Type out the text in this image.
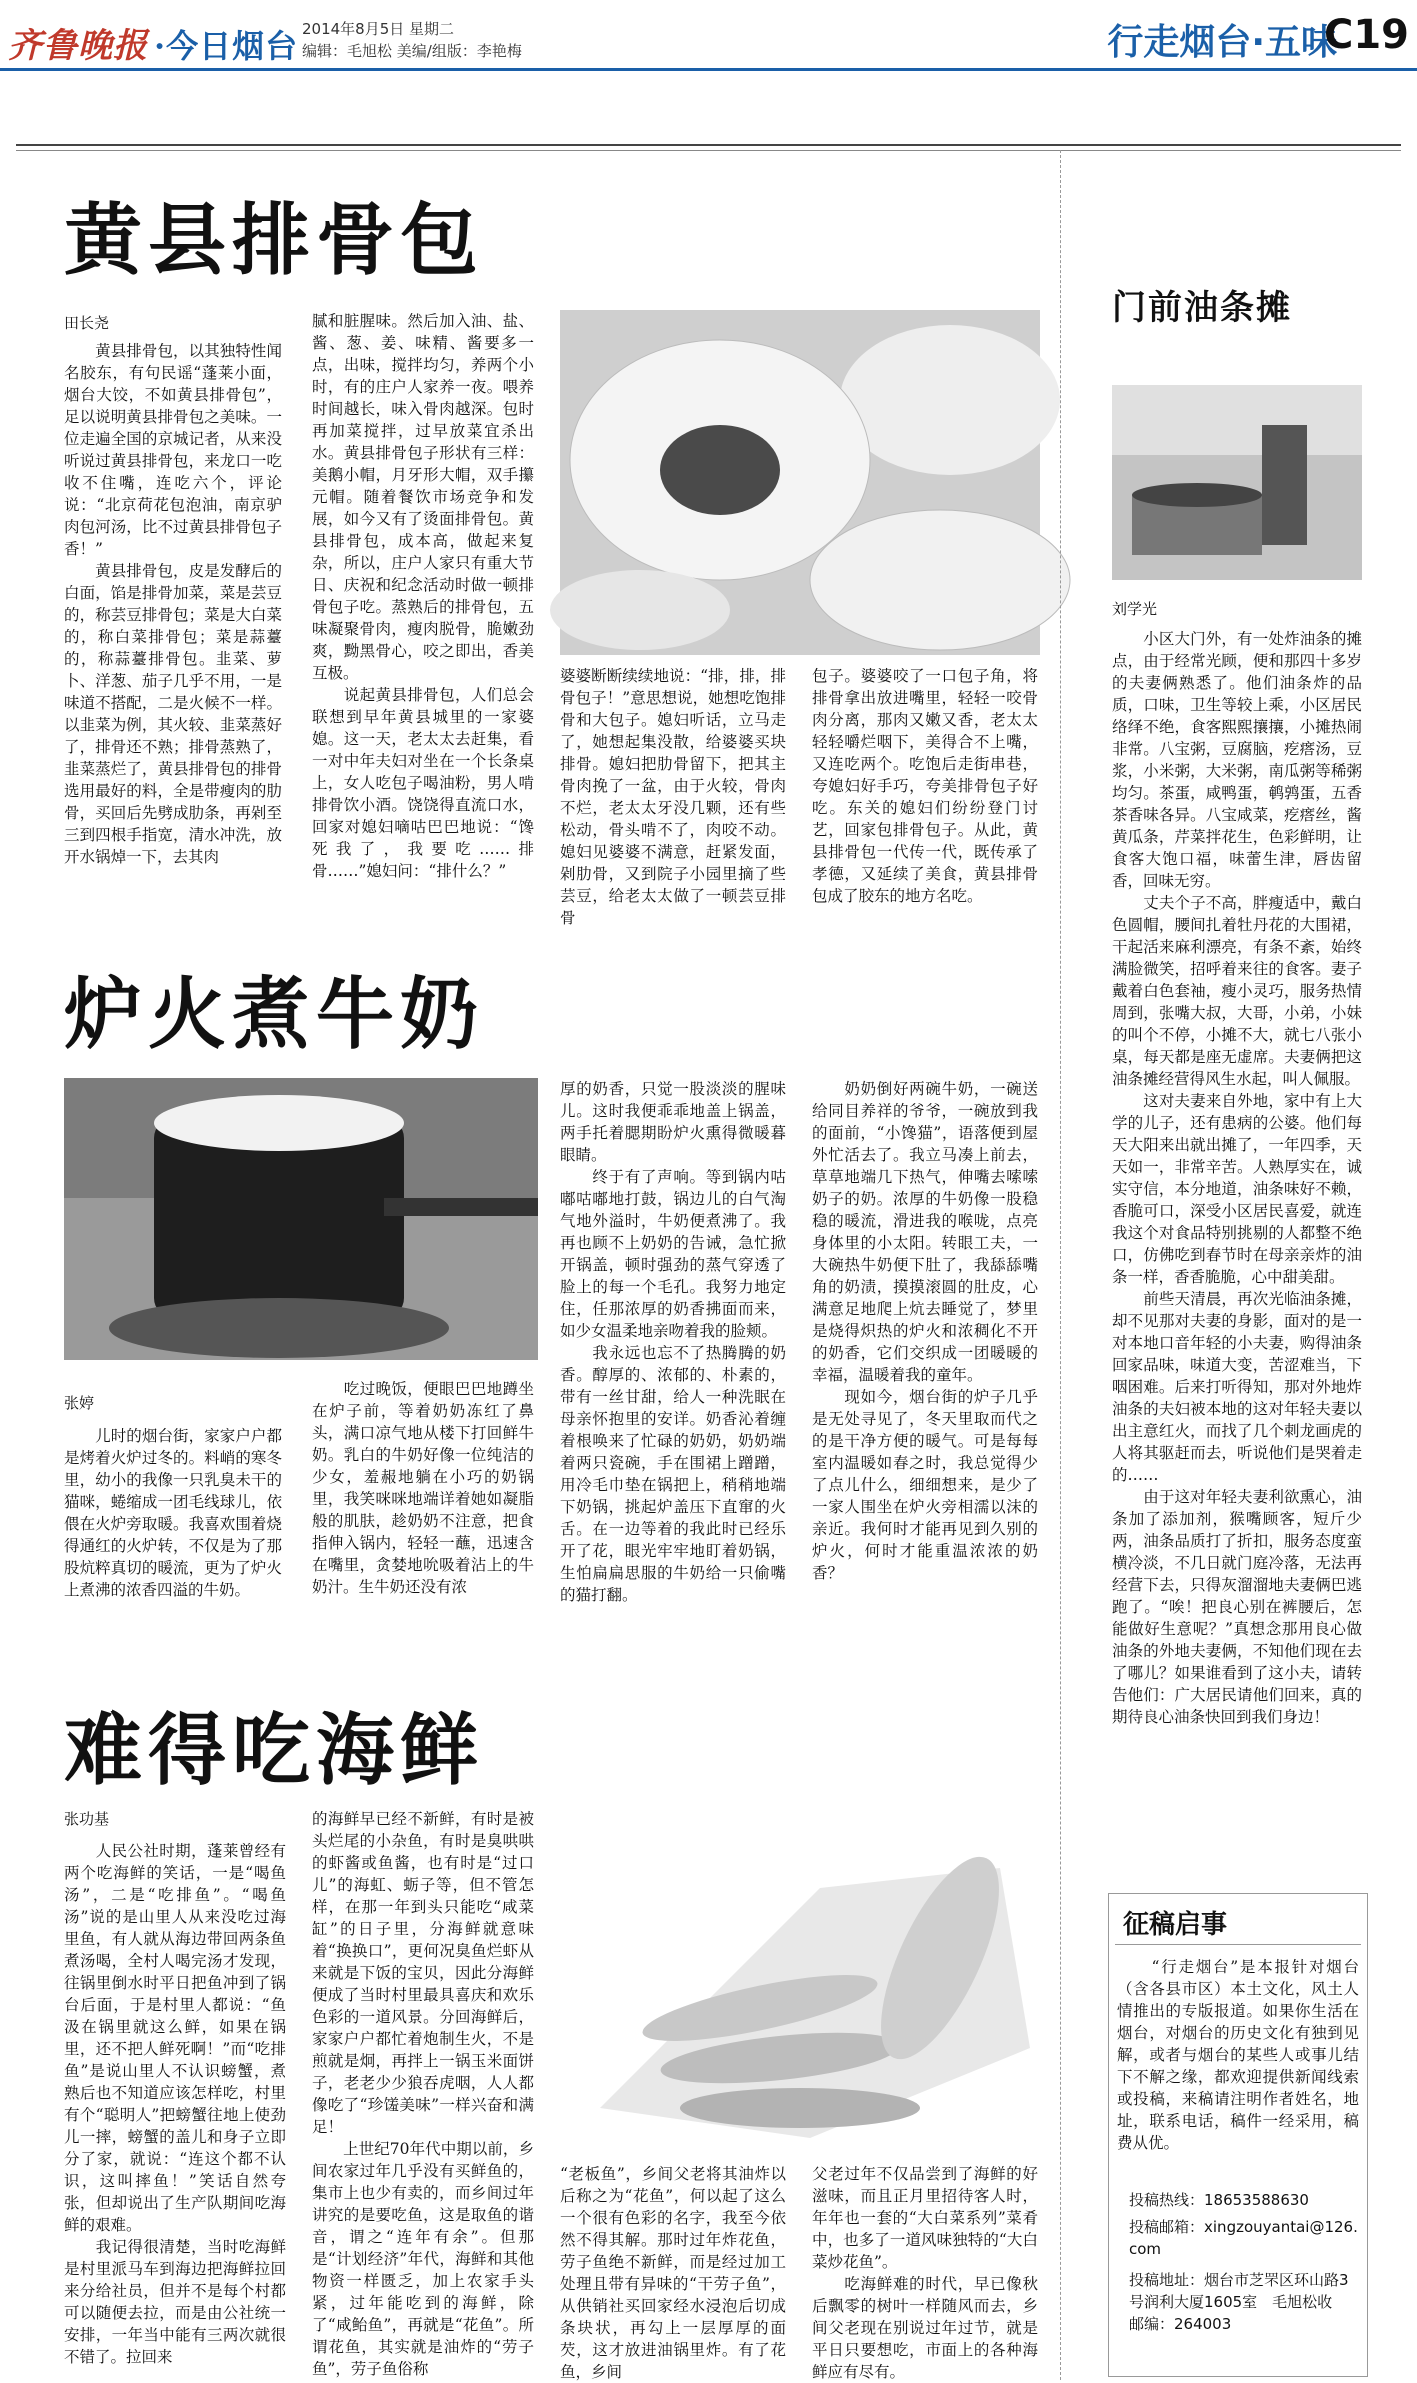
齐鲁晚报 ·今日烟台 2014年8月5日 星期二
编辑：毛旭松 美编/组版：李艳梅	行走烟台·五味
C19
黄县排骨包
田长尧
　　黄县排骨包，以其独特性闻名胶东，有句民谣“蓬莱小面，烟台大饺，不如黄县排骨包”，足以说明黄县排骨包之美味。一位走遍全国的京城记者，从来没听说过黄县排骨包，来龙口一吃收不住嘴，连吃六个，评论说：“北京荷花包泡油，南京驴肉包河汤，比不过黄县排骨包子香！”
　　黄县排骨包，皮是发酵后的白面，馅是排骨加菜，菜是芸豆的，称芸豆排骨包；菜是大白菜的，称白菜排骨包；菜是蒜薹的，称蒜薹排骨包。韭菜、萝卜、洋葱、茄子几乎不用，一是味道不搭配，二是火候不一样。以韭菜为例，其火较、韭菜蒸好了，排骨还不熟；排骨蒸熟了，韭菜蒸烂了，黄县排骨包的排骨选用最好的料，全是带瘦肉的肋骨，买回后先劈成肋条，再剁至三到四根手指宽，清水冲洗，放开水锅焯一下，去其肉
腻和脏腥味。然后加入油、盐、酱、葱、姜、味精、酱要多一点，出味，搅拌均匀，养两个小时，有的庄户人家养一夜。喂养时间越长，味入骨肉越深。包时再加菜搅拌，过早放菜宜杀出水。黄县排骨包子形状有三样：美鹅小帽，月牙形大帽，双手攥元帽。随着餐饮市场竞争和发展，如今又有了烫面排骨包。黄县排骨包，成本高，做起来复杂，所以，庄户人家只有重大节日、庆祝和纪念活动时做一顿排骨包子吃。蒸熟后的排骨包，五味凝聚骨肉，瘦肉脱骨，脆嫩劲爽，黝黑骨心，咬之即出，香美互极。
　　说起黄县排骨包，人们总会联想到早年黄县城里的一家婆媳。这一天，老太太去赶集，看一对中年夫妇对坐在一个长条桌上，女人吃包子喝油粉，男人啃排骨饮小酒。饶饶得直流口水，回家对媳妇嘀咕巴巴地说：“馋死我了，我要吃……排骨……”媳妇问：“排什么？”
婆婆断断续续地说：“排，排，排骨包子！”意思想说，她想吃饱排骨和大包子。媳妇听话，立马走了，她想起集没散，给婆婆买块排骨。媳妇把肋骨留下，把其主骨肉挽了一盆，由于火较，骨肉不烂，老太太牙没几颗，还有些松动，骨头啃不了，肉咬不动。媳妇见婆婆不满意，赶紧发面，剁肋骨，又到院子小园里摘了些芸豆，给老太太做了一顿芸豆排骨
包子。婆婆咬了一口包子角，将排骨拿出放进嘴里，轻轻一咬骨肉分离，那肉又嫩又香，老太太轻轻嚼烂咽下，美得合不上嘴，又连吃两个。吃饱后走街串巷，夸媳妇好手巧，夸美排骨包子好吃。东关的媳妇们纷纷登门讨艺，回家包排骨包子。从此，黄县排骨包一代传一代，既传承了孝德，又延续了美食，黄县排骨包成了胶东的地方名吃。
炉火煮牛奶
张婷
　　儿时的烟台街，家家户户都是烤着火炉过冬的。料峭的寒冬里，幼小的我像一只乳臭未干的猫咪，蜷缩成一团毛线球儿，依偎在火炉旁取暖。我喜欢围着烧得通红的火炉转，不仅是为了那股炕粹真切的暖流，更为了炉火上煮沸的浓香四溢的牛奶。
　　吃过晚饭，便眼巴巴地蹲坐在炉子前，等着奶奶冻红了鼻头，满口凉气地从楼下打回鲜牛奶。乳白的牛奶好像一位纯洁的少女，羞赧地躺在小巧的奶锅里，我笑咪咪地端详着她如凝脂般的肌肤，趁奶奶不注意，把食指伸入锅内，轻轻一蘸，迅速含在嘴里，贪婪地吮吸着沾上的牛奶汁。生牛奶还没有浓
厚的奶香，只觉一股淡淡的腥味儿。这时我便乖乖地盖上锅盖，两手托着腮期盼炉火熏得微暖暮眼睛。
　　终于有了声响。等到锅内咕嘟咕嘟地打鼓，锅边儿的白气淘气地外溢时，牛奶便煮沸了。我再也顾不上奶奶的告诫，急忙掀开锅盖，顿时强劲的蒸气穿透了脸上的每一个毛孔。我努力地定住，任那浓厚的奶香拂面而来，如少女温柔地亲吻着我的脸颊。
　　我永远也忘不了热腾腾的奶香。醇厚的、浓郁的、朴素的，带有一丝甘甜，给人一种洗眠在母亲怀抱里的安详。奶香沁着缠着根唤来了忙碌的奶奶，奶奶端着两只瓷碗，手在围裙上蹭蹭，用冷毛巾垫在锅把上，稍稍地端下奶锅，挑起炉盖压下直窜的火舌。在一边等着的我此时已经乐开了花，眼光牢牢地盯着奶锅，生怕扁扁思服的牛奶给一只偷嘴的猫打翻。
　　奶奶倒好两碗牛奶，一碗送给同目养祥的爷爷，一碗放到我的面前，“小馋猫”，语落便到屋外忙活去了。我立马凑上前去，草草地端几下热气，伸嘴去嗦嗦奶子的奶。浓厚的牛奶像一股稳稳的暖流，滑进我的喉咙，点亮身体里的小太阳。转眼工夫，一大碗热牛奶便下肚了，我舔舔嘴角的奶渍，摸摸滚圆的肚皮，心满意足地爬上炕去睡觉了，梦里是烧得炽热的炉火和浓稠化不开的奶香，它们交织成一团暖暖的幸福，温暖着我的童年。
　　现如今，烟台街的炉子几乎是无处寻见了，冬天里取而代之的是干净方便的暖气。可是每每室内温暖如春之时，我总觉得少了点儿什么，细细想来，是少了一家人围坐在炉火旁相濡以沫的亲近。我何时才能再见到久别的炉火，何时才能重温浓浓的奶香？
难得吃海鲜
张功基
　　人民公社时期，蓬莱曾经有两个吃海鲜的笑话，一是“喝鱼汤”，二是“吃排鱼”。“喝鱼汤”说的是山里人从来没吃过海里鱼，有人就从海边带回两条鱼煮汤喝，全村人喝完汤才发现，往锅里倒水时平日把鱼冲到了锅台后面，于是村里人都说：“鱼汲在锅里就这么鲜，如果在锅里，还不把人鲜死啊！”而“吃排鱼”是说山里人不认识螃蟹，煮熟后也不知道应该怎样吃，村里有个“聪明人”把螃蟹往地上使劲儿一摔，螃蟹的盖儿和身子立即分了家，就说：“连这个都不认识，这叫摔鱼！”笑话自然夸张，但却说出了生产队期间吃海鲜的艰难。
　　我记得很清楚，当时吃海鲜是村里派马车到海边把海鲜拉回来分给社员，但并不是每个村都可以随便去拉，而是由公社统一安排，一年当中能有三两次就很不错了。拉回来
的海鲜早已经不新鲜，有时是被头烂尾的小杂鱼，有时是臭哄哄的虾酱或鱼酱，也有时是“过口儿”的海虹、蛎子等，但不管怎样，在那一年到头只能吃“咸菜缸”的日子里，分海鲜就意味着“换换口”，更何况臭鱼烂虾从来就是下饭的宝贝，因此分海鲜便成了当时村里最具喜庆和欢乐色彩的一道风景。分回海鲜后，家家户户都忙着炮制生火，不是煎就是炯，再拌上一锅玉米面饼子，老老少少狼吞虎咽，人人都像吃了“珍馐美味”一样兴奋和满足！
　　上世纪70年代中期以前，乡间农家过年几乎没有买鲜鱼的，集市上也少有卖的，而乡间过年讲究的是要吃鱼，这是取鱼的谐音，谓之“连年有余”。但那是“计划经济”年代，海鲜和其他物资一样匮乏，加上农家手头紧，过年能吃到的海鲜，除了“咸鲐鱼”，再就是“花鱼”。所谓花鱼，其实就是油炸的“劳子鱼”，劳子鱼俗称
“老板鱼”，乡间父老将其油炸以后称之为“花鱼”，何以起了这么一个很有色彩的名字，我至今依然不得其解。那时过年炸花鱼，劳子鱼绝不新鲜，而是经过加工处理且带有异味的“干劳子鱼”，从供销社买回家经水浸泡后切成条块状，再勾上一层厚厚的面芡，这才放进油锅里炸。有了花鱼，乡间
父老过年不仅品尝到了海鲜的好滋味，而且正月里招待客人时，年年也一套的“大白菜系列”菜肴中，也多了一道风味独特的“大白菜炒花鱼”。
　　吃海鲜难的时代，早已像秋后飘零的树叶一样随风而去，乡间父老现在别说过年过节，就是平日只要想吃，市面上的各种海鲜应有尽有。
门前油条摊
刘学光
　　小区大门外，有一处炸油条的摊点，由于经常光顾，便和那四十多岁的夫妻俩熟悉了。他们油条炸的品质，口味，卫生等较上乘，小区居民络绎不绝，食客熙熙攘攘，小摊热闹非常。八宝粥，豆腐脑，疙瘩汤，豆浆，小米粥，大米粥，南瓜粥等稀粥均匀。茶蛋，咸鸭蛋，鹌鹑蛋，五香茶香味各异。八宝咸菜，疙瘩丝，酱黄瓜条，芹菜拌花生，色彩鲜明，让食客大饱口福，味蕾生津，唇齿留香，回味无穷。
　　丈夫个子不高，胖瘦适中，戴白色圆帽，腰间扎着牡丹花的大围裙，干起活来麻利漂亮，有条不紊，始终满脸微笑，招呼着来往的食客。妻子戴着白色套袖，瘦小灵巧，服务热情周到，张嘴大叔，大哥，小弟，小妹的叫个不停，小摊不大，就七八张小桌，每天都是座无虚席。夫妻俩把这油条摊经营得风生水起，叫人佩服。
　　这对夫妻来自外地，家中有上大学的儿子，还有患病的公婆。他们每天大阳来出就出摊了，一年四季，天天如一，非常辛苦。人熟厚实在，诚实守信，本分地道，油条味好不赖，香脆可口，深受小区居民喜爱，就连我这个对食品特别挑剔的人都整不绝口，仿佛吃到春节时在母亲亲炸的油条一样，香香脆脆，心中甜美甜。
　　前些天清晨，再次光临油条摊，却不见那对夫妻的身影，面对的是一对本地口音年轻的小夫妻，购得油条回家品味，味道大变，苦涩难当，下咽困难。后来打听得知，那对外地炸油条的夫妇被本地的这对年轻夫妻以出主意红火，而找了几个刺龙画虎的人将其驱赶而去，听说他们是哭着走的……
　　由于这对年轻夫妻利欲熏心，油条加了添加剂，猴嘴顾客，短斤少两，油条品质打了折扣，服务态度蛮横冷淡，不几日就门庭冷落，无法再经营下去，只得灰溜溜地夫妻俩巴逃跑了。“唉！把良心别在裤腰后，怎能做好生意呢？”真想念那用良心做油条的外地夫妻俩，不知他们现在去了哪儿？如果谁看到了这小夫，请转告他们：广大居民请他们回来，真的期待良心油条快回到我们身边！
征稿启事
　　“行走烟台”是本报针对烟台（含各县市区）本土文化，风土人情推出的专版报道。如果你生活在烟台，对烟台的历史文化有独到见解，或者与烟台的某些人或事儿结下不解之缘，都欢迎提供新闻线索或投稿，来稿请注明作者姓名，地址，联系电话，稿件一经采用，稿费从优。
投稿热线：18653588630
投稿邮箱：xingzouyantai@126.com
投稿地址：烟台市芝罘区环山路3号润利大厦1605室　毛旭松收　邮编：264003
